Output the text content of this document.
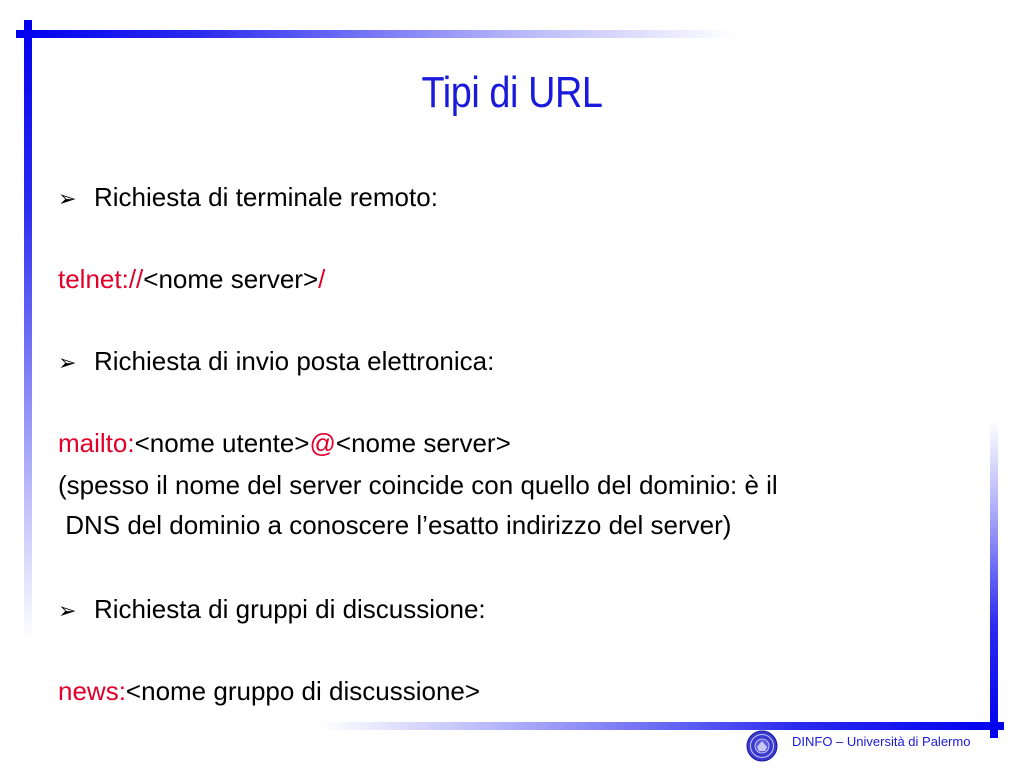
Tipi di URL
➢ Richiesta di terminale remoto:
telnet://<nome server>/
➢ Richiesta di invio posta elettronica:
mailto:<nome utente>@<nome server>
(spesso il nome del server coincide con quello del dominio: è il
DNS del dominio a conoscere l’esatto indirizzo del server)
➢ Richiesta di gruppi di discussione:
news:<nome gruppo di discussione>
DINFO – Università di Palermo
